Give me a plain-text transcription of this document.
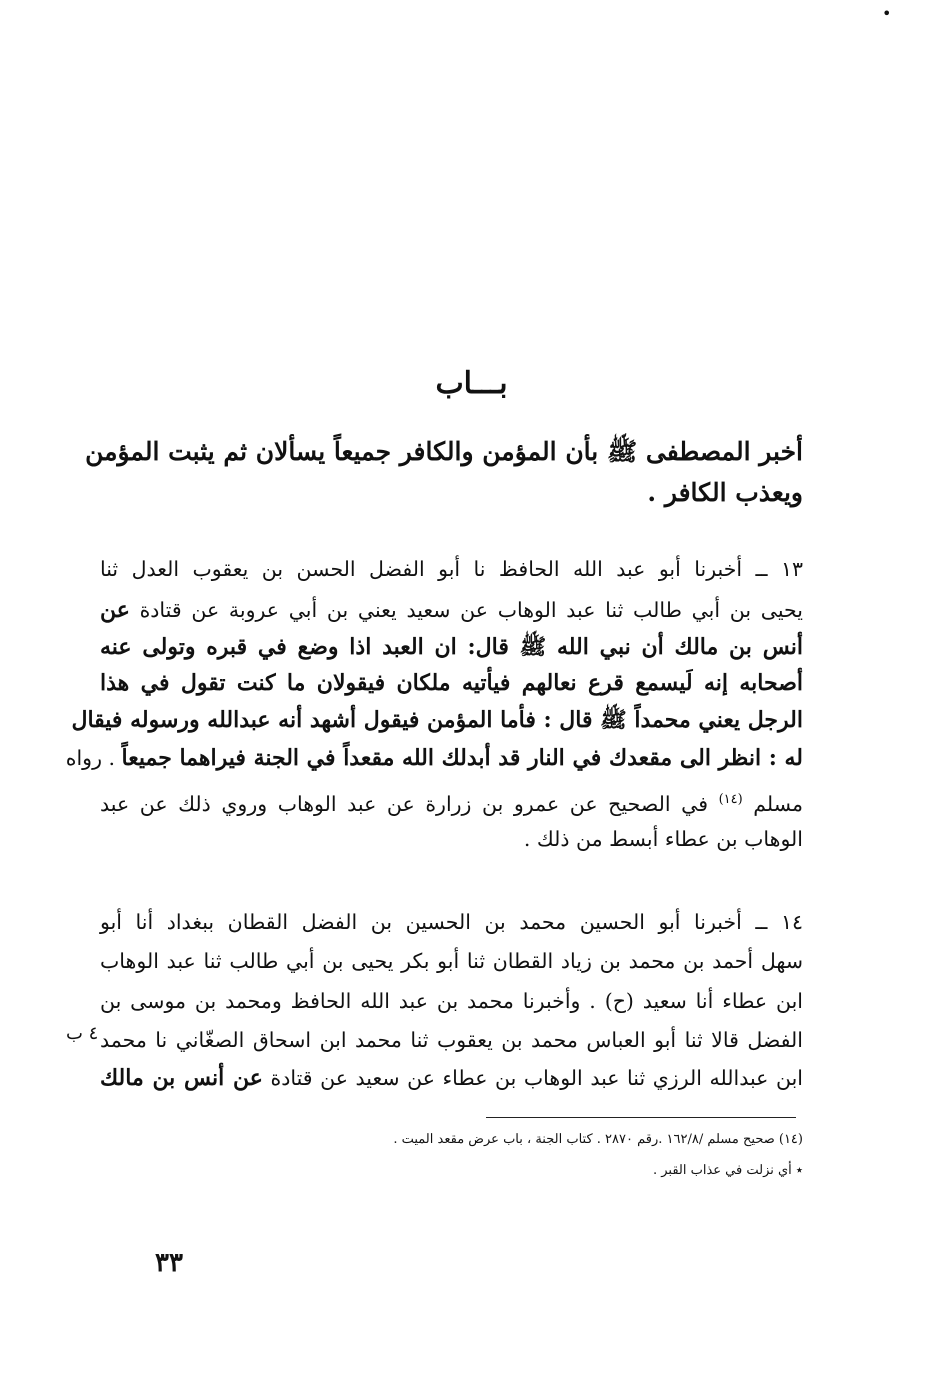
•
بـــاب
أخبر المصطفى ﷺ بأن المؤمن والكافر جميعاً يسألان ثم يثبت المؤمن
ويعذب الكافر .
١٣ ــ أخبرنا أبو عبد الله الحافظ نا أبو الفضل الحسن بن يعقوب العدل ثنا
يحيى بن أبي طالب ثنا عبد الوهاب عن سعيد يعني بن أبي عروبة عن قتادة عن
أنس بن مالك أن نبي الله ﷺ قال: ان العبد اذا وضع في قبره وتولى عنه
أصحابه إنه لَيسمع قرع نعالهم فيأتيه ملكان فيقولان ما كنت تقول في هذا
الرجل يعني محمداً ﷺ قال : فأما المؤمن فيقول أشهد أنه عبدالله ورسوله فيقال
له : انظر الى مقعدك في النار قد أبدلك الله مقعداً في الجنة فيراهما جميعاً . رواه
مسلم $^{(١٤)}$ في الصحيح عن عمرو بن زرارة عن عبد الوهاب وروي ذلك عن عبد
الوهاب بن عطاء أبسط من ذلك .
١٤ ــ أخبرنا أبو الحسين محمد بن الحسين بن الفضل القطان ببغداد أنا أبو
سهل أحمد بن محمد بن زياد القطان ثنا أبو بكر يحيى بن أبي طالب ثنا عبد الوهاب
ابن عطاء أنا سعيد (ح) . وأخبرنا محمد بن عبد الله الحافظ ومحمد بن موسى بن
الفضل قالا ثنا أبو العباس محمد بن يعقوب ثنا محمد ابن اسحاق الصغّاني نا محمد
ابن عبدالله الرزي ثنا عبد الوهاب بن عطاء عن سعيد عن قتادة عن أنس بن مالك
٤ ب
(١٤) صحيح مسلم /١٦٢/٨ .رقم ٢٨٧٠ . كتاب الجنة ، باب عرض مقعد الميت .
٭ أي نزلت في عذاب القبر .
٣٣
